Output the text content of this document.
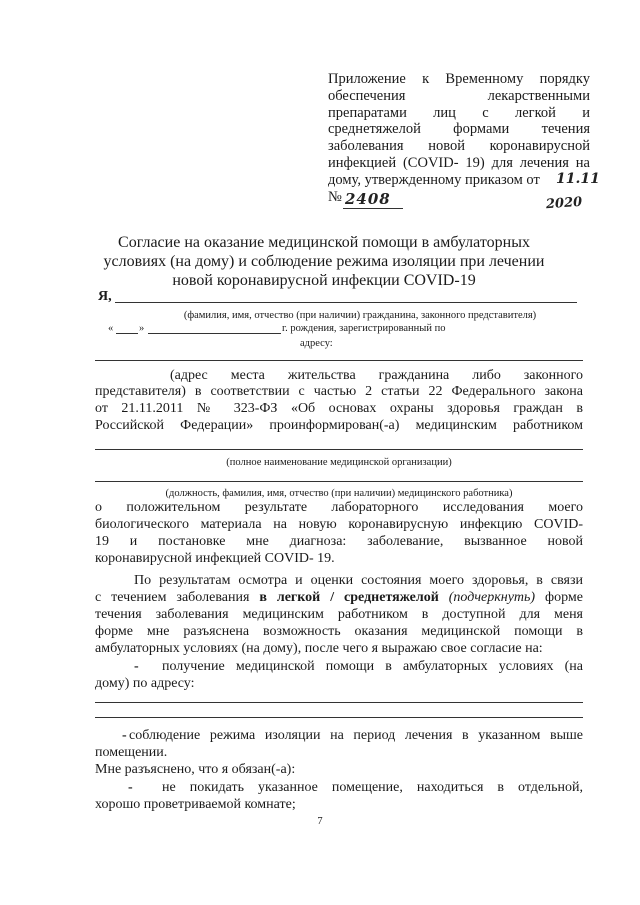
Приложение к Временному порядку
обеспечения лекарственными
препаратами лиц с легкой и
среднетяжелой формами течения
заболевания новой коронавирусной
инфекцией (COVID- 19) для лечения на
дому, утвержденному приказом от
№
11.11
2020
2408
Согласие на оказание медицинской помощи в амбулаторных
условиях (на дому) и соблюдение режима изоляции при лечении
новой коронавирусной инфекции COVID-19
Я,
(фамилия, имя, отчество (при наличии) гражданина, законного представителя)
« »	г. рождения, зарегистрированный по
адресу:
(адрес места жительства гражданина либо законного
представителя) в соответствии с частью 2 статьи 22 Федерального закона
от 21.11.2011 № 323-ФЗ «Об основах охраны здоровья граждан в
Российской Федерации» проинформирован(-а) медицинским работником
(полное наименование медицинской организации)
(должность, фамилия, имя, отчество (при наличии) медицинского работника)
о положительном результате лабораторного исследования моего
биологического материала на новую коронавирусную инфекцию COVID-
19 и постановке мне диагноза: заболевание, вызванное новой
коронавирусной инфекцией COVID- 19.
По результатам осмотра и оценки состояния моего здоровья, в связи
с течением заболевания в легкой / среднетяжелой (подчеркнуть) форме
течения заболевания медицинским работником в доступной для меня
форме мне разъяснена возможность оказания медицинской помощи в
амбулаторных условиях (на дому), после чего я выражаю свое согласие на:
- получение медицинской помощи в амбулаторных условиях (на
дому) по адресу:
- соблюдение режима изоляции на период лечения в указанном выше
помещении.
Мне разъяснено, что я обязан(-а):
- не покидать указанное помещение, находиться в отдельной,
хорошо проветриваемой комнате;
7
